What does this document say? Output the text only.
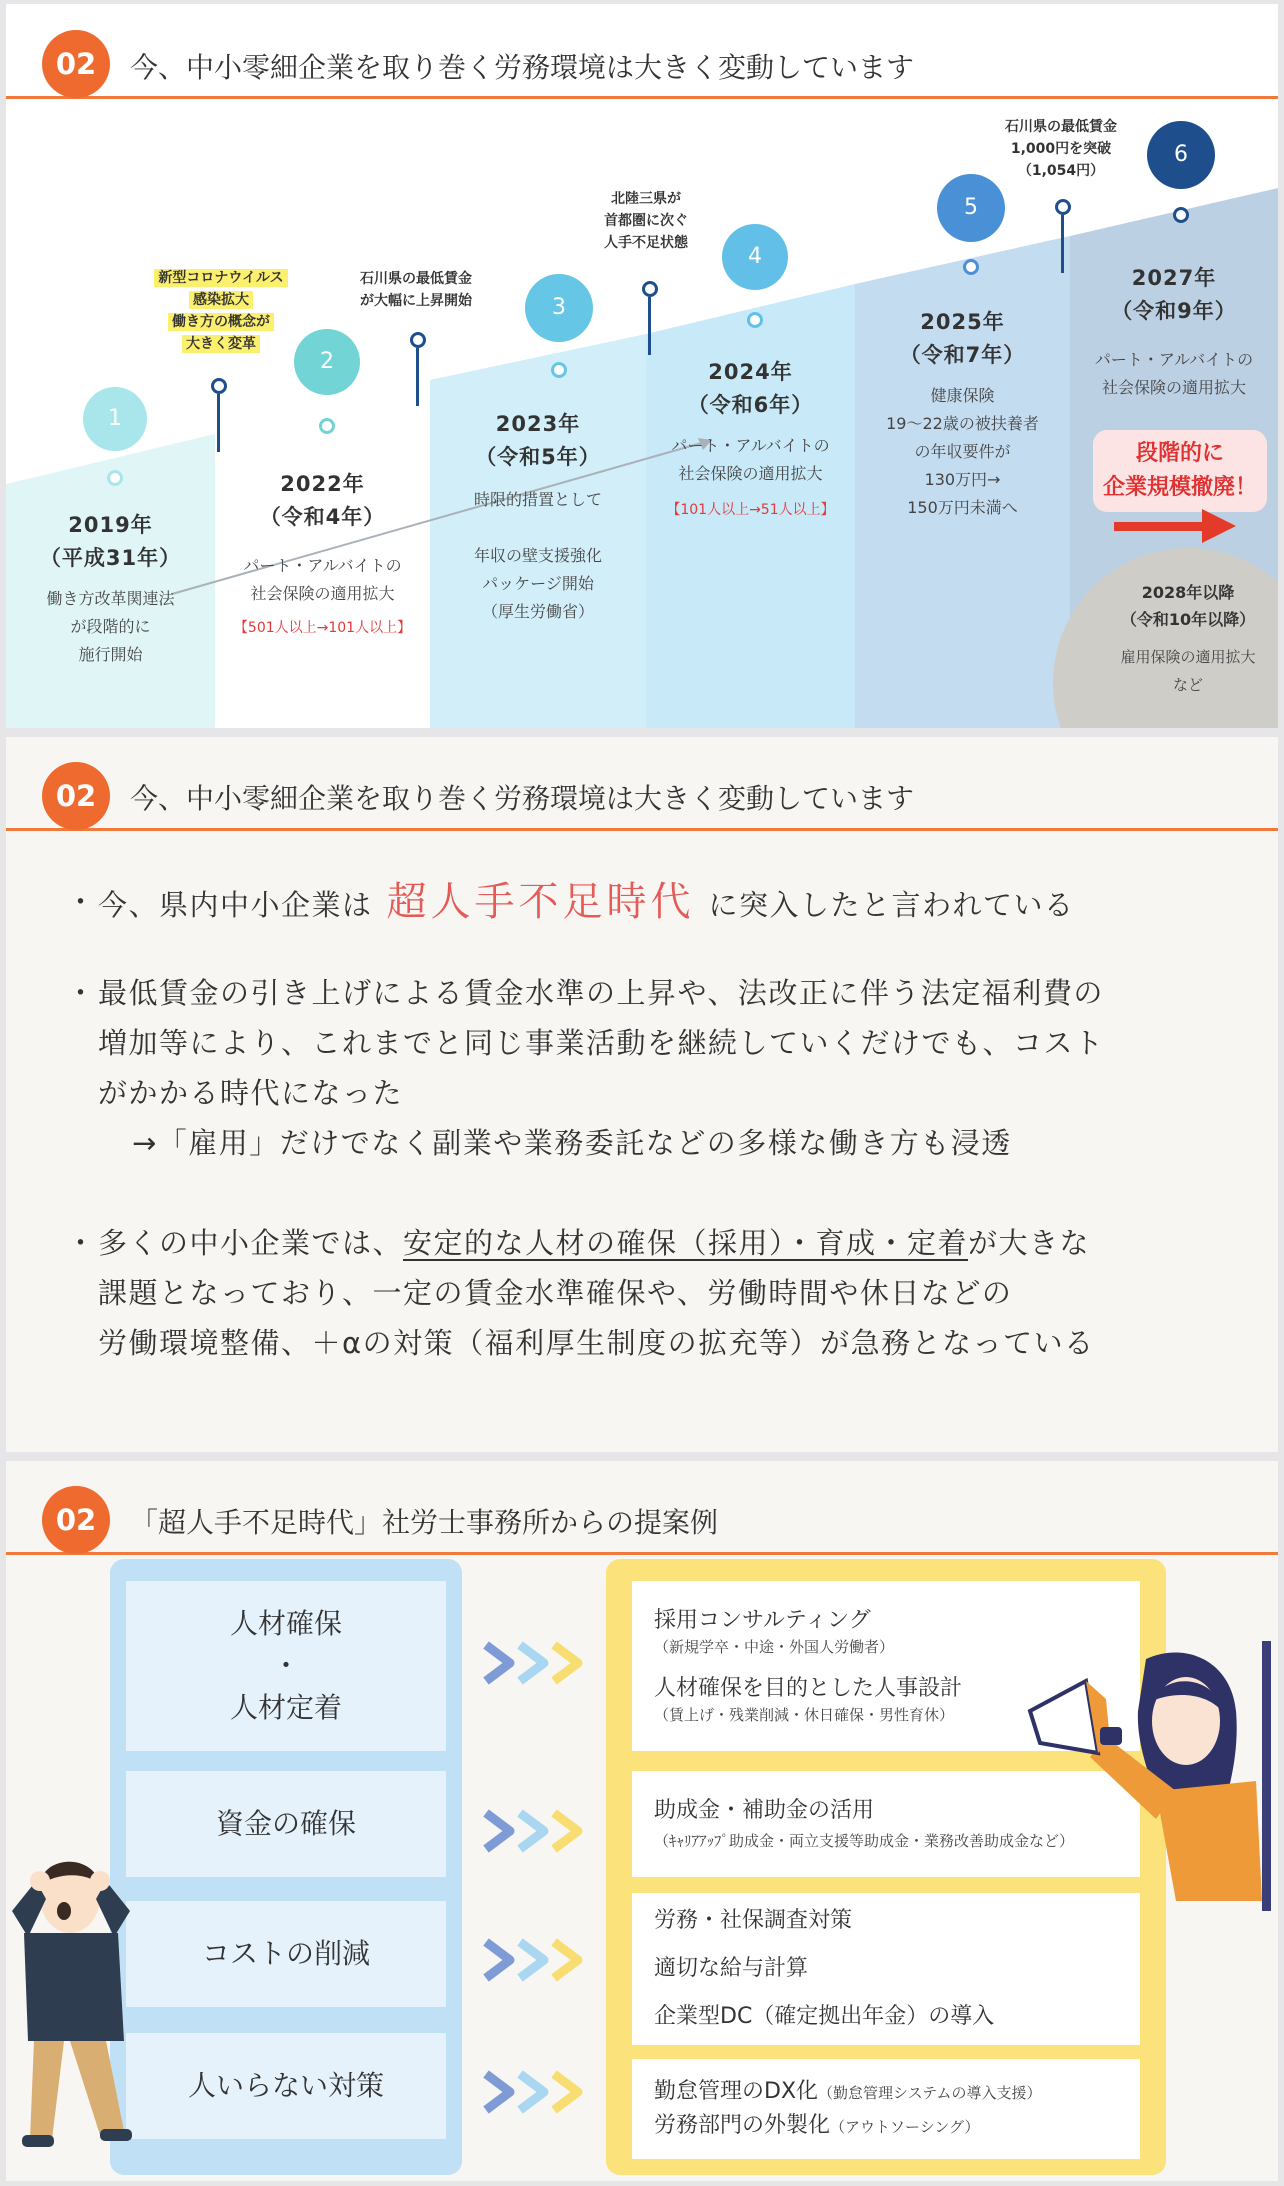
02	今、中小零細企業を取り巻く労務環境は大きく変動しています
1
2
3
4
5
6
2019年
（平成31年）
働き方改革関連法
が段階的に
施行開始
2022年
（令和4年）
パート・アルバイトの
社会保険の適用拡大
【501人以上→101人以上】
2023年
（令和5年）
時限的措置として
年収の壁支援強化
パッケージ開始
（厚生労働省）
2024年
（令和6年）
パート・アルバイトの
社会保険の適用拡大
【101人以上→51人以上】
2025年
（令和7年）
健康保険
19〜22歳の被扶養者
の年収要件が
130万円→
150万円未満へ
2027年
（令和9年）
パート・アルバイトの
社会保険の適用拡大
段階的に
企業規模撤廃！
2028年以降
（令和10年以降）
雇用保険の適用拡大
など
新型コロナウイルス
感染拡大
働き方の概念が
大きく変革
石川県の最低賃金
が大幅に上昇開始
北陸三県が
首都圏に次ぐ
人手不足状態
石川県の最低賃金
1,000円を突破
（1,054円）
02	今、中小零細企業を取り巻く労務環境は大きく変動しています
・ 今、県内中小企業は 超人手不足時代 に突入したと言われている
・ 最低賃金の引き上げによる賃金水準の上昇や、法改正に伴う法定福利費の
増加等により、これまでと同じ事業活動を継続していくだけでも、コスト
がかかる時代になった
→「雇用」だけでなく副業や業務委託などの多様な働き方も浸透
・ 多くの中小企業では、安定的な人材の確保（採用）・育成・定着が大きな
課題となっており、一定の賃金水準確保や、労働時間や休日などの
労働環境整備、＋αの対策（福利厚生制度の拡充等）が急務となっている
02	「超人手不足時代」社労士事務所からの提案例
人材確保
・
人材定着
資金の確保
コストの削減
人いらない対策
採用コンサルティング
（新規学卒・中途・外国人労働者）
人材確保を目的とした人事設計
（賃上げ・残業削減・休日確保・男性育休）
助成金・補助金の活用
（ｷｬﾘｱｱｯﾌﾟ助成金・両立支援等助成金・業務改善助成金など）
労務・社保調査対策
適切な給与計算
企業型DC（確定拠出年金）の導入
勤怠管理のDX化（勤怠管理システムの導入支援）
労務部門の外製化（アウトソーシング）
